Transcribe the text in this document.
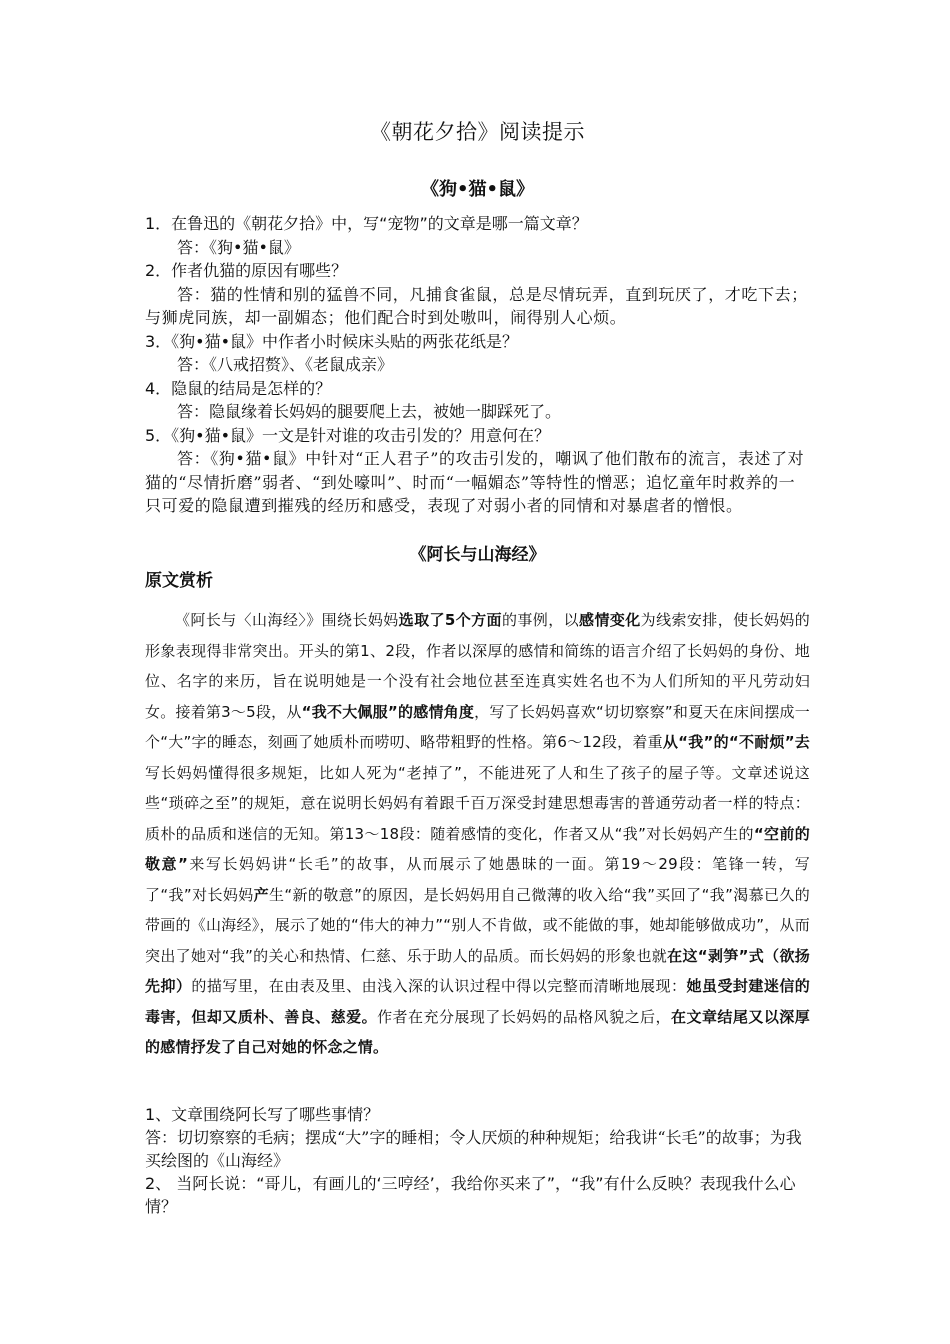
《朝花夕拾》阅读提示
《狗•猫•鼠》

1．在鲁迅的《朝花夕拾》中，写“宠物”的文章是哪一篇文章？

答：《狗•猫•鼠》

2．作者仇猫的原因有哪些？

答：猫的性情和别的猛兽不同，凡捕食雀鼠，总是尽情玩弄，直到玩厌了，才吃下去；与狮虎同族，却一副媚态；他们配合时到处嗷叫，闹得别人心烦。

3．《狗•猫•鼠》中作者小时候床头贴的两张花纸是？

答：《八戒招赘》、《老鼠成亲》

4．隐鼠的结局是怎样的？

答：隐鼠缘着长妈妈的腿要爬上去，被她一脚踩死了。

5．《狗•猫•鼠》一文是针对谁的攻击引发的？用意何在？

答：《狗•猫•鼠》中针对“正人君子”的攻击引发的，嘲讽了他们散布的流言，表述了对猫的“尽情折磨”弱者、“到处嚎叫”、时而“一幅媚态”等特性的憎恶；追忆童年时救养的一只可爱的隐鼠遭到摧残的经历和感受，表现了对弱小者的同情和对暴虐者的憎恨。

《阿长与山海经》
原文赏析
《阿长与〈山海经〉》围绕长妈妈选取了5个方面的事例，以感情变化为线索安排，使长妈妈的形象表现得非常突出。开头的第1、2段，作者以深厚的感情和简练的语言介绍了长妈妈的身份、地位、名字的来历，旨在说明她是一个没有社会地位甚至连真实姓名也不为人们所知的平凡劳动妇女。接着第3～5段，从“我不大佩服”的感情角度，写了长妈妈喜欢“切切察察”和夏天在床间摆成一个“大”字的睡态，刻画了她质朴而唠叨、略带粗野的性格。第6～12段，着重从“我”的“不耐烦”去写长妈妈懂得很多规矩，比如人死为“老掉了”，不能进死了人和生了孩子的屋子等。文章述说这些“琐碎之至”的规矩，意在说明长妈妈有着跟千百万深受封建思想毒害的普通劳动者一样的特点：质朴的品质和迷信的无知。第13～18段：随着感情的变化，作者又从“我”对长妈妈产生的“空前的敬意”来写长妈妈讲“长毛”的故事，从而展示了她愚昧的一面。第19～29段：笔锋一转，写了“我”对长妈妈产生“新的敬意”的原因，是长妈妈用自己微薄的收入给“我”买回了“我”渴慕已久的带画的《山海经》，展示了她的“伟大的神力”“别人不肯做，或不能做的事，她却能够做成功”，从而突出了她对“我”的关心和热情、仁慈、乐于助人的品质。而长妈妈的形象也就在这“剥笋”式（欲扬先抑）的描写里，在由表及里、由浅入深的认识过程中得以完整而清晰地展现：她虽受封建迷信的毒害，但却又质朴、善良、慈爱。作者在充分展现了长妈妈的品格风貌之后，在文章结尾又以深厚的感情抒发了自己对她的怀念之情。

1、文章围绕阿长写了哪些事情？

答：切切察察的毛病；摆成“大”字的睡相；令人厌烦的种种规矩；给我讲“长毛”的故事；为我买绘图的《山海经》

2、 当阿长说：“哥儿，有画儿的‘三哼经’，我给你买来了”，“我”有什么反映？表现我什么心情？
